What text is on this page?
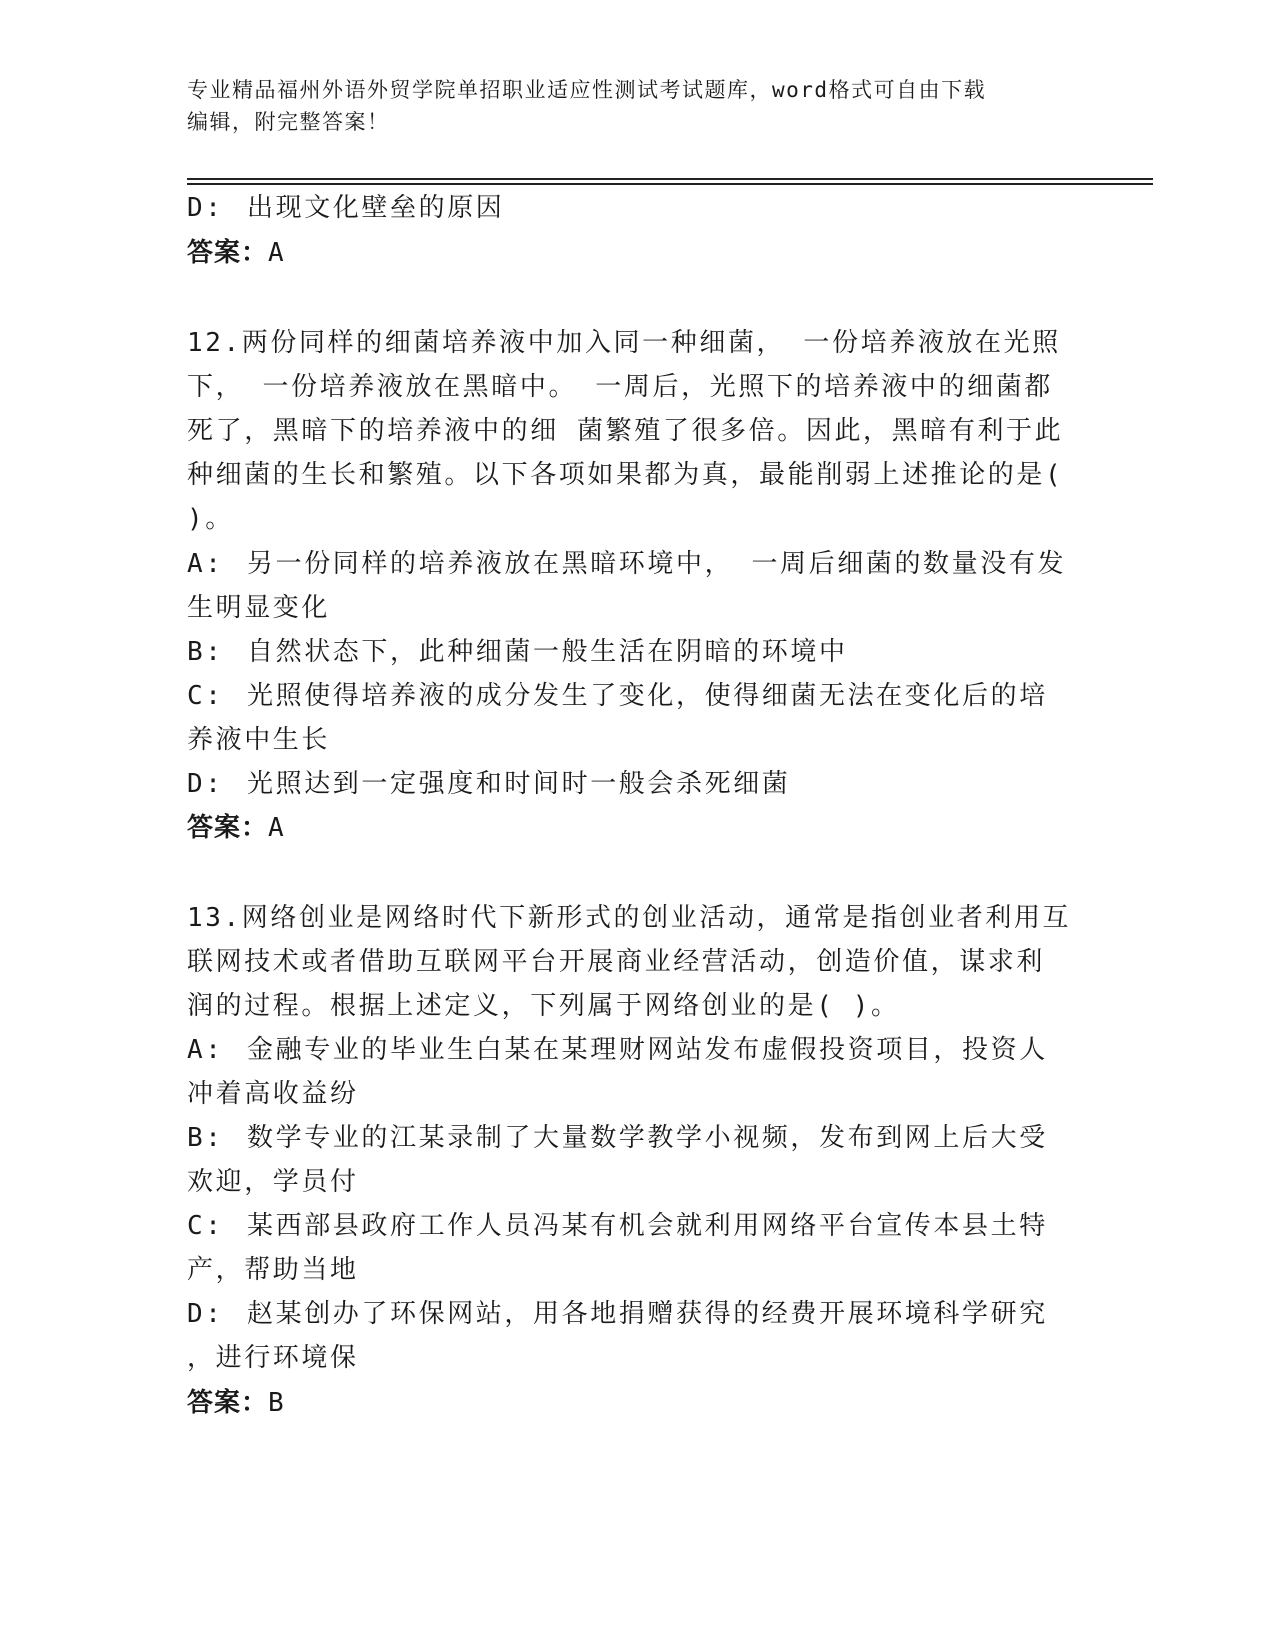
专业精品福州外语外贸学院单招职业适应性测试考试题库，word格式可自由下载
编辑，附完整答案！
D: 出现文化壁垒的原因
答案：A
12.两份同样的细菌培养液中加入同一种细菌， 一份培养液放在光照
下， 一份培养液放在黑暗中。 一周后，光照下的培养液中的细菌都
死了，黑暗下的培养液中的细 菌繁殖了很多倍。因此，黑暗有利于此
种细菌的生长和繁殖。以下各项如果都为真，最能削弱上述推论的是(
)。
A: 另一份同样的培养液放在黑暗环境中， 一周后细菌的数量没有发
生明显变化
B: 自然状态下，此种细菌一般生活在阴暗的环境中
C: 光照使得培养液的成分发生了变化，使得细菌无法在变化后的培
养液中生长
D: 光照达到一定强度和时间时一般会杀死细菌
答案：A
13.网络创业是网络时代下新形式的创业活动，通常是指创业者利用互
联网技术或者借助互联网平台开展商业经营活动，创造价值，谋求利
润的过程。根据上述定义，下列属于网络创业的是( )。
A: 金融专业的毕业生白某在某理财网站发布虚假投资项目，投资人
冲着高收益纷
B: 数学专业的江某录制了大量数学教学小视频，发布到网上后大受
欢迎，学员付
C: 某西部县政府工作人员冯某有机会就利用网络平台宣传本县土特
产，帮助当地
D: 赵某创办了环保网站，用各地捐赠获得的经费开展环境科学研究
，进行环境保
答案：B
